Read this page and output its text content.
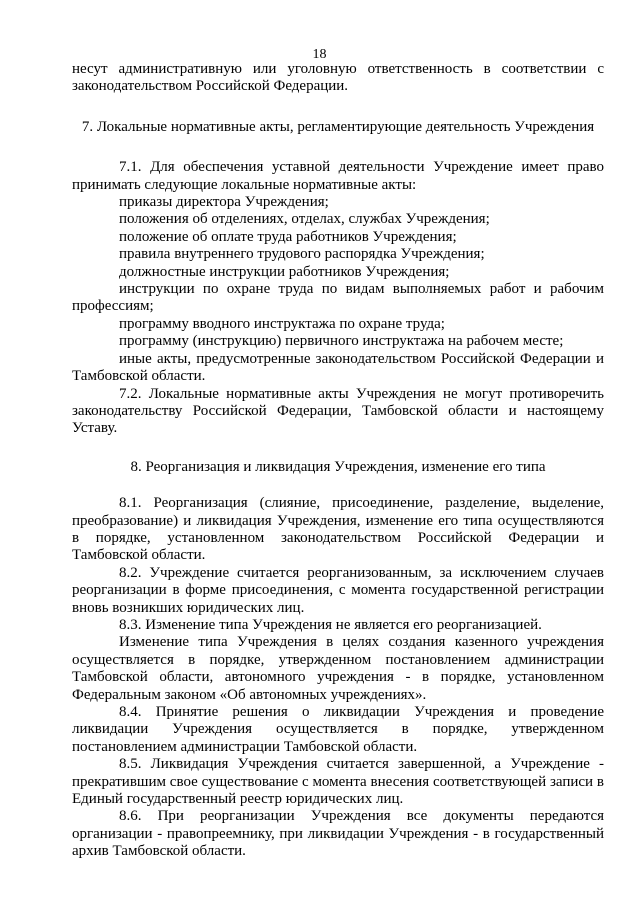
18

несут административную или уголовную ответственность в соответствии с законодательством Российской Федерации.

7. Локальные нормативные акты, регламентирующие деятельность Учреждения

7.1. Для обеспечения уставной деятельности Учреждение имеет право принимать следующие локальные нормативные акты:

приказы директора Учреждения;

положения об отделениях, отделах, службах Учреждения;

положение об оплате труда работников Учреждения;

правила внутреннего трудового распорядка Учреждения;

должностные инструкции работников Учреждения;

инструкции по охране труда по видам выполняемых работ и рабочим профессиям;

программу вводного инструктажа по охране труда;

программу (инструкцию) первичного инструктажа на рабочем месте;

иные акты, предусмотренные законодательством Российской Федерации и Тамбовской области.

7.2. Локальные нормативные акты Учреждения не могут противоречить законодательству Российской Федерации, Тамбовской области и настоящему Уставу.

8. Реорганизация и ликвидация Учреждения, изменение его типа

8.1. Реорганизация (слияние, присоединение, разделение, выделение, преобразование) и ликвидация Учреждения, изменение его типа осуществляются в порядке, установленном законодательством Российской Федерации и Тамбовской области.

8.2. Учреждение считается реорганизованным, за исключением случаев реорганизации в форме присоединения, с момента государственной регистрации вновь возникших юридических лиц.

8.3. Изменение типа Учреждения не является его реорганизацией.

Изменение типа Учреждения в целях создания казенного учреждения осуществляется в порядке, утвержденном постановлением администрации Тамбовской области, автономного учреждения - в порядке, установленном Федеральным законом «Об автономных учреждениях».

8.4. Принятие решения о ликвидации Учреждения и проведение ликвидации Учреждения осуществляется в порядке, утвержденном постановлением администрации Тамбовской области.

8.5. Ликвидация Учреждения считается завершенной, а Учреждение - прекратившим свое существование с момента внесения соответствующей записи в Единый государственный реестр юридических лиц.

8.6. При реорганизации Учреждения все документы передаются организации - правопреемнику, при ликвидации Учреждения - в государственный архив Тамбовской области.
